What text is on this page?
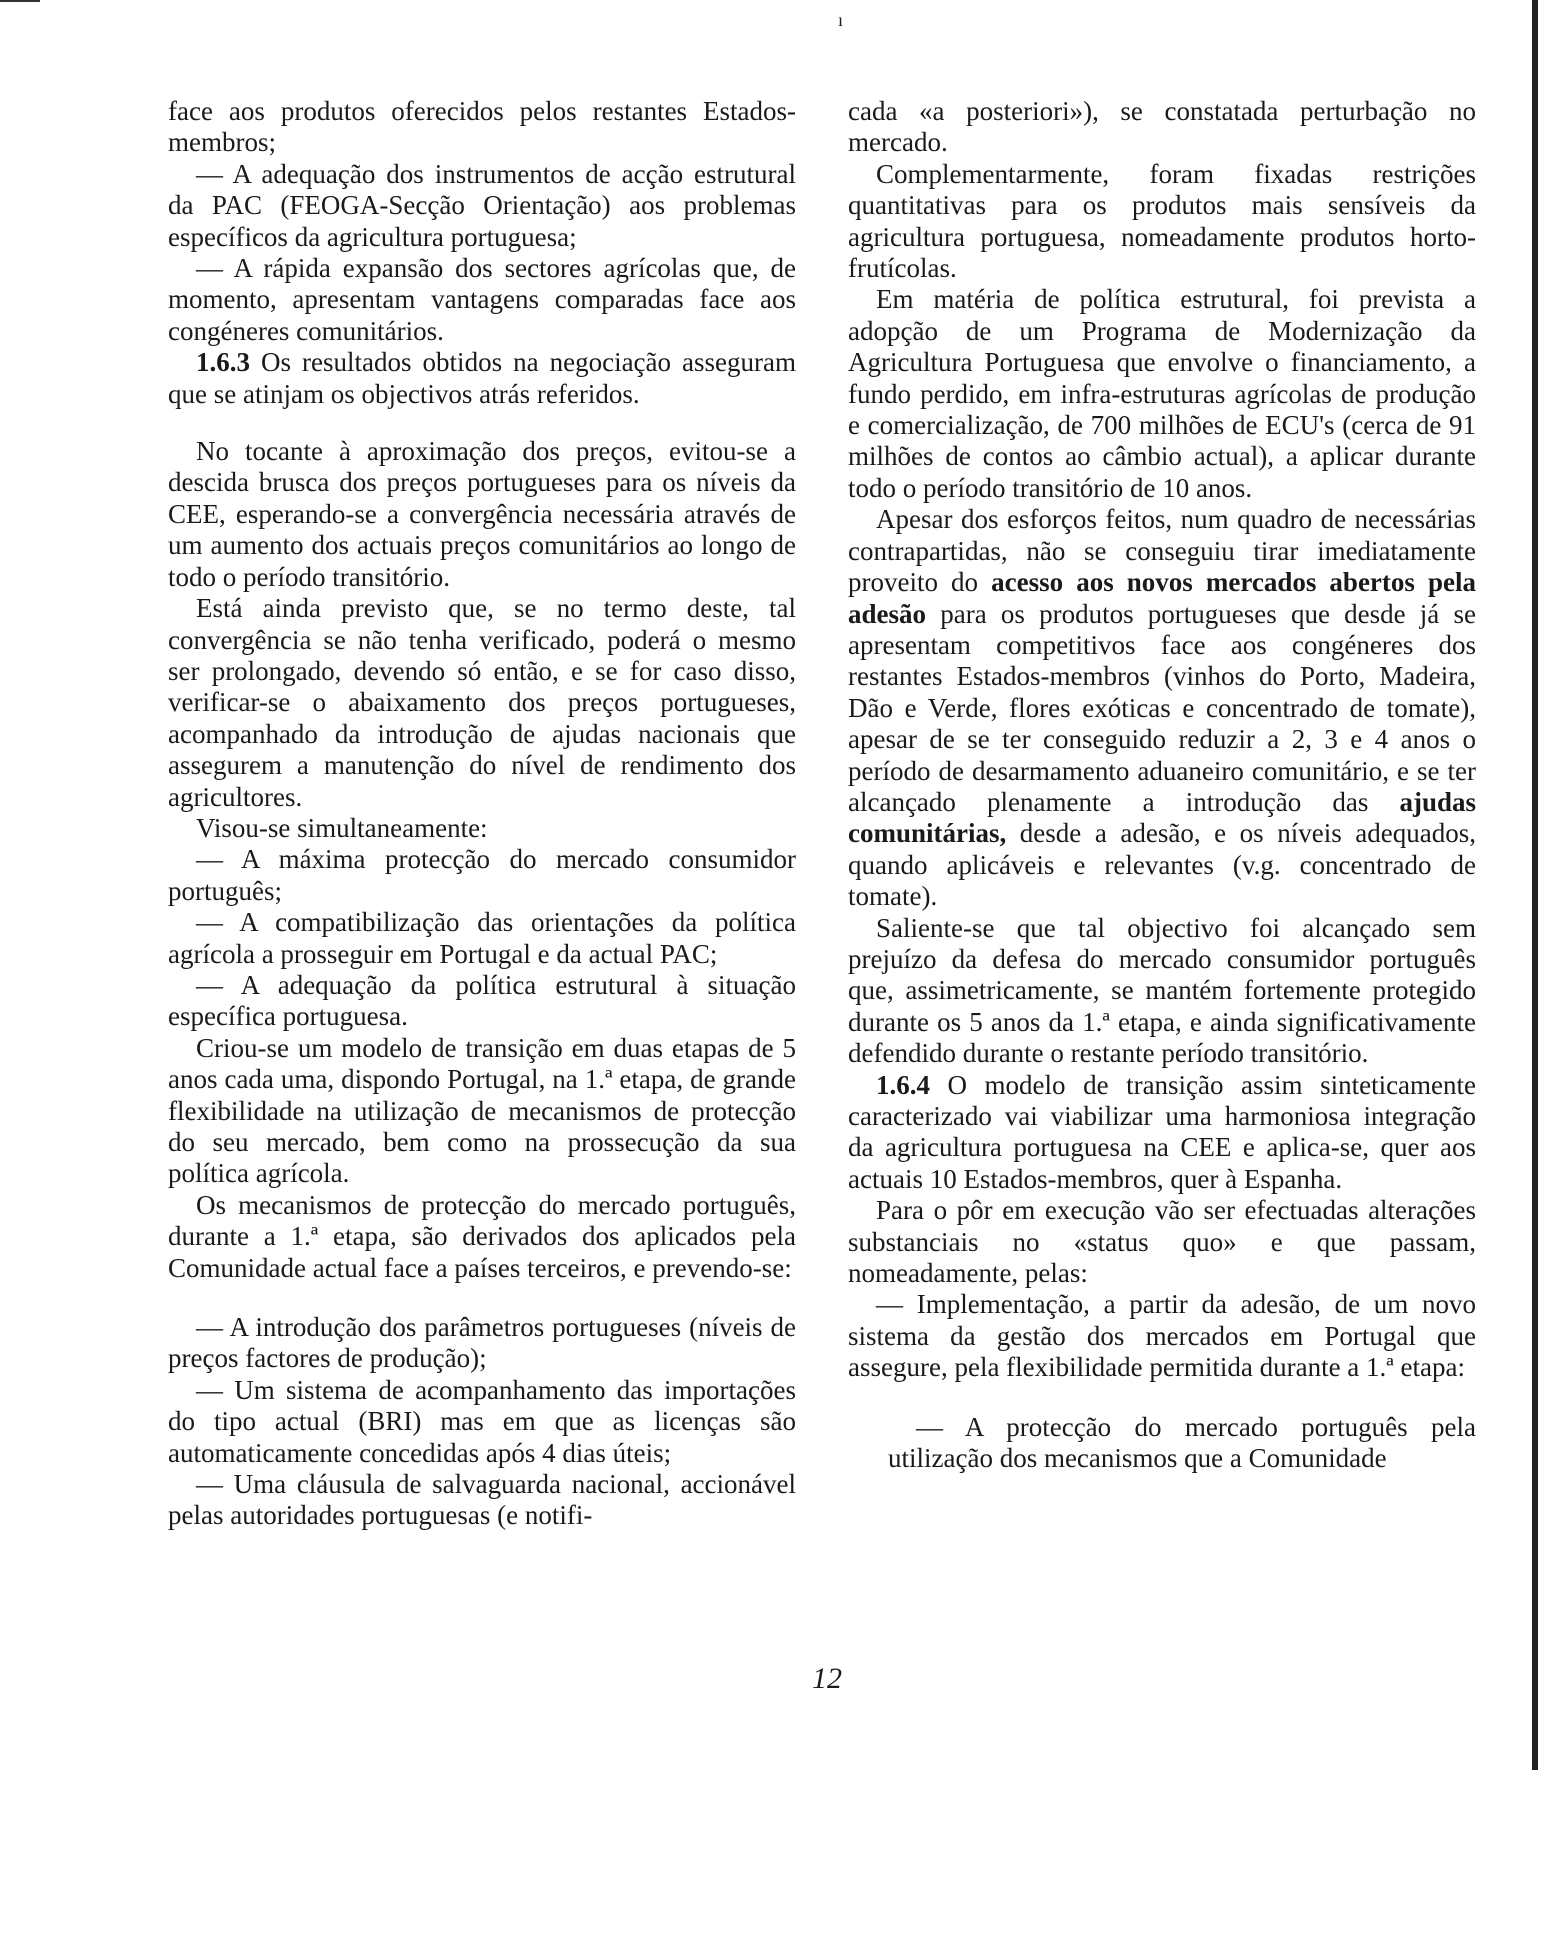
ı

face aos produtos oferecidos pelos restantes Estados-membros;

— A adequação dos instrumentos de acção estrutural da PAC (FEOGA-Secção Orientação) aos problemas específicos da agricultura portuguesa;

— A rápida expansão dos sectores agrícolas que, de momento, apresentam vantagens comparadas face aos congéneres comunitários.

1.6.3 Os resultados obtidos na negociação asseguram que se atinjam os objectivos atrás referidos.

No tocante à aproximação dos preços, evitou-se a descida brusca dos preços portugueses para os níveis da CEE, esperando-se a convergência necessária através de um aumento dos actuais preços comunitários ao longo de todo o período transitório.

Está ainda previsto que, se no termo deste, tal convergência se não tenha verificado, poderá o mesmo ser prolongado, devendo só então, e se for caso disso, verificar-se o abaixamento dos preços portugueses, acompanhado da introdução de ajudas nacionais que assegurem a manutenção do nível de rendimento dos agricultores.

Visou-se simultaneamente:

— A máxima protecção do mercado consumidor português;

— A compatibilização das orientações da política agrícola a prosseguir em Portugal e da actual PAC;

— A adequação da política estrutural à situação específica portuguesa.

Criou-se um modelo de transição em duas etapas de 5 anos cada uma, dispondo Portugal, na 1.ª etapa, de grande flexibilidade na utilização de mecanismos de protecção do seu mercado, bem como na prossecução da sua política agrícola.

Os mecanismos de protecção do mercado português, durante a 1.ª etapa, são derivados dos aplicados pela Comunidade actual face a países terceiros, e prevendo-se:

— A introdução dos parâmetros portugueses (níveis de preços factores de produção);

— Um sistema de acompanhamento das importações do tipo actual (BRI) mas em que as licenças são automaticamente concedidas após 4 dias úteis;

— Uma cláusula de salvaguarda nacional, accionável pelas autoridades portuguesas (e notifi-

cada «a posteriori»), se constatada perturbação no mercado.

Complementarmente, foram fixadas restrições quantitativas para os produtos mais sensíveis da agricultura portuguesa, nomeadamente produtos horto-frutícolas.

Em matéria de política estrutural, foi prevista a adopção de um Programa de Modernização da Agricultura Portuguesa que envolve o financiamento, a fundo perdido, em infra-estruturas agrícolas de produção e comercialização, de 700 milhões de ECU's (cerca de 91 milhões de contos ao câmbio actual), a aplicar durante todo o período transitório de 10 anos.

Apesar dos esforços feitos, num quadro de necessárias contrapartidas, não se conseguiu tirar imediatamente proveito do acesso aos novos mercados abertos pela adesão para os produtos portugueses que desde já se apresentam competitivos face aos congéneres dos restantes Estados-membros (vinhos do Porto, Madeira, Dão e Verde, flores exóticas e concentrado de tomate), apesar de se ter conseguido reduzir a 2, 3 e 4 anos o período de desarmamento aduaneiro comunitário, e se ter alcançado plenamente a introdução das ajudas comunitárias, desde a adesão, e os níveis adequados, quando aplicáveis e relevantes (v.g. concentrado de tomate).

Saliente-se que tal objectivo foi alcançado sem prejuízo da defesa do mercado consumidor português que, assimetricamente, se mantém fortemente protegido durante os 5 anos da 1.ª etapa, e ainda significativamente defendido durante o restante período transitório.

1.6.4 O modelo de transição assim sinteticamente caracterizado vai viabilizar uma harmoniosa integração da agricultura portuguesa na CEE e aplica-se, quer aos actuais 10 Estados-membros, quer à Espanha.

Para o pôr em execução vão ser efectuadas alterações substanciais no «status quo» e que passam, nomeadamente, pelas:

— Implementação, a partir da adesão, de um novo sistema da gestão dos mercados em Portugal que assegure, pela flexibilidade permitida durante a 1.ª etapa:

— A protecção do mercado português pela utilização dos mecanismos que a Comunidade

12
